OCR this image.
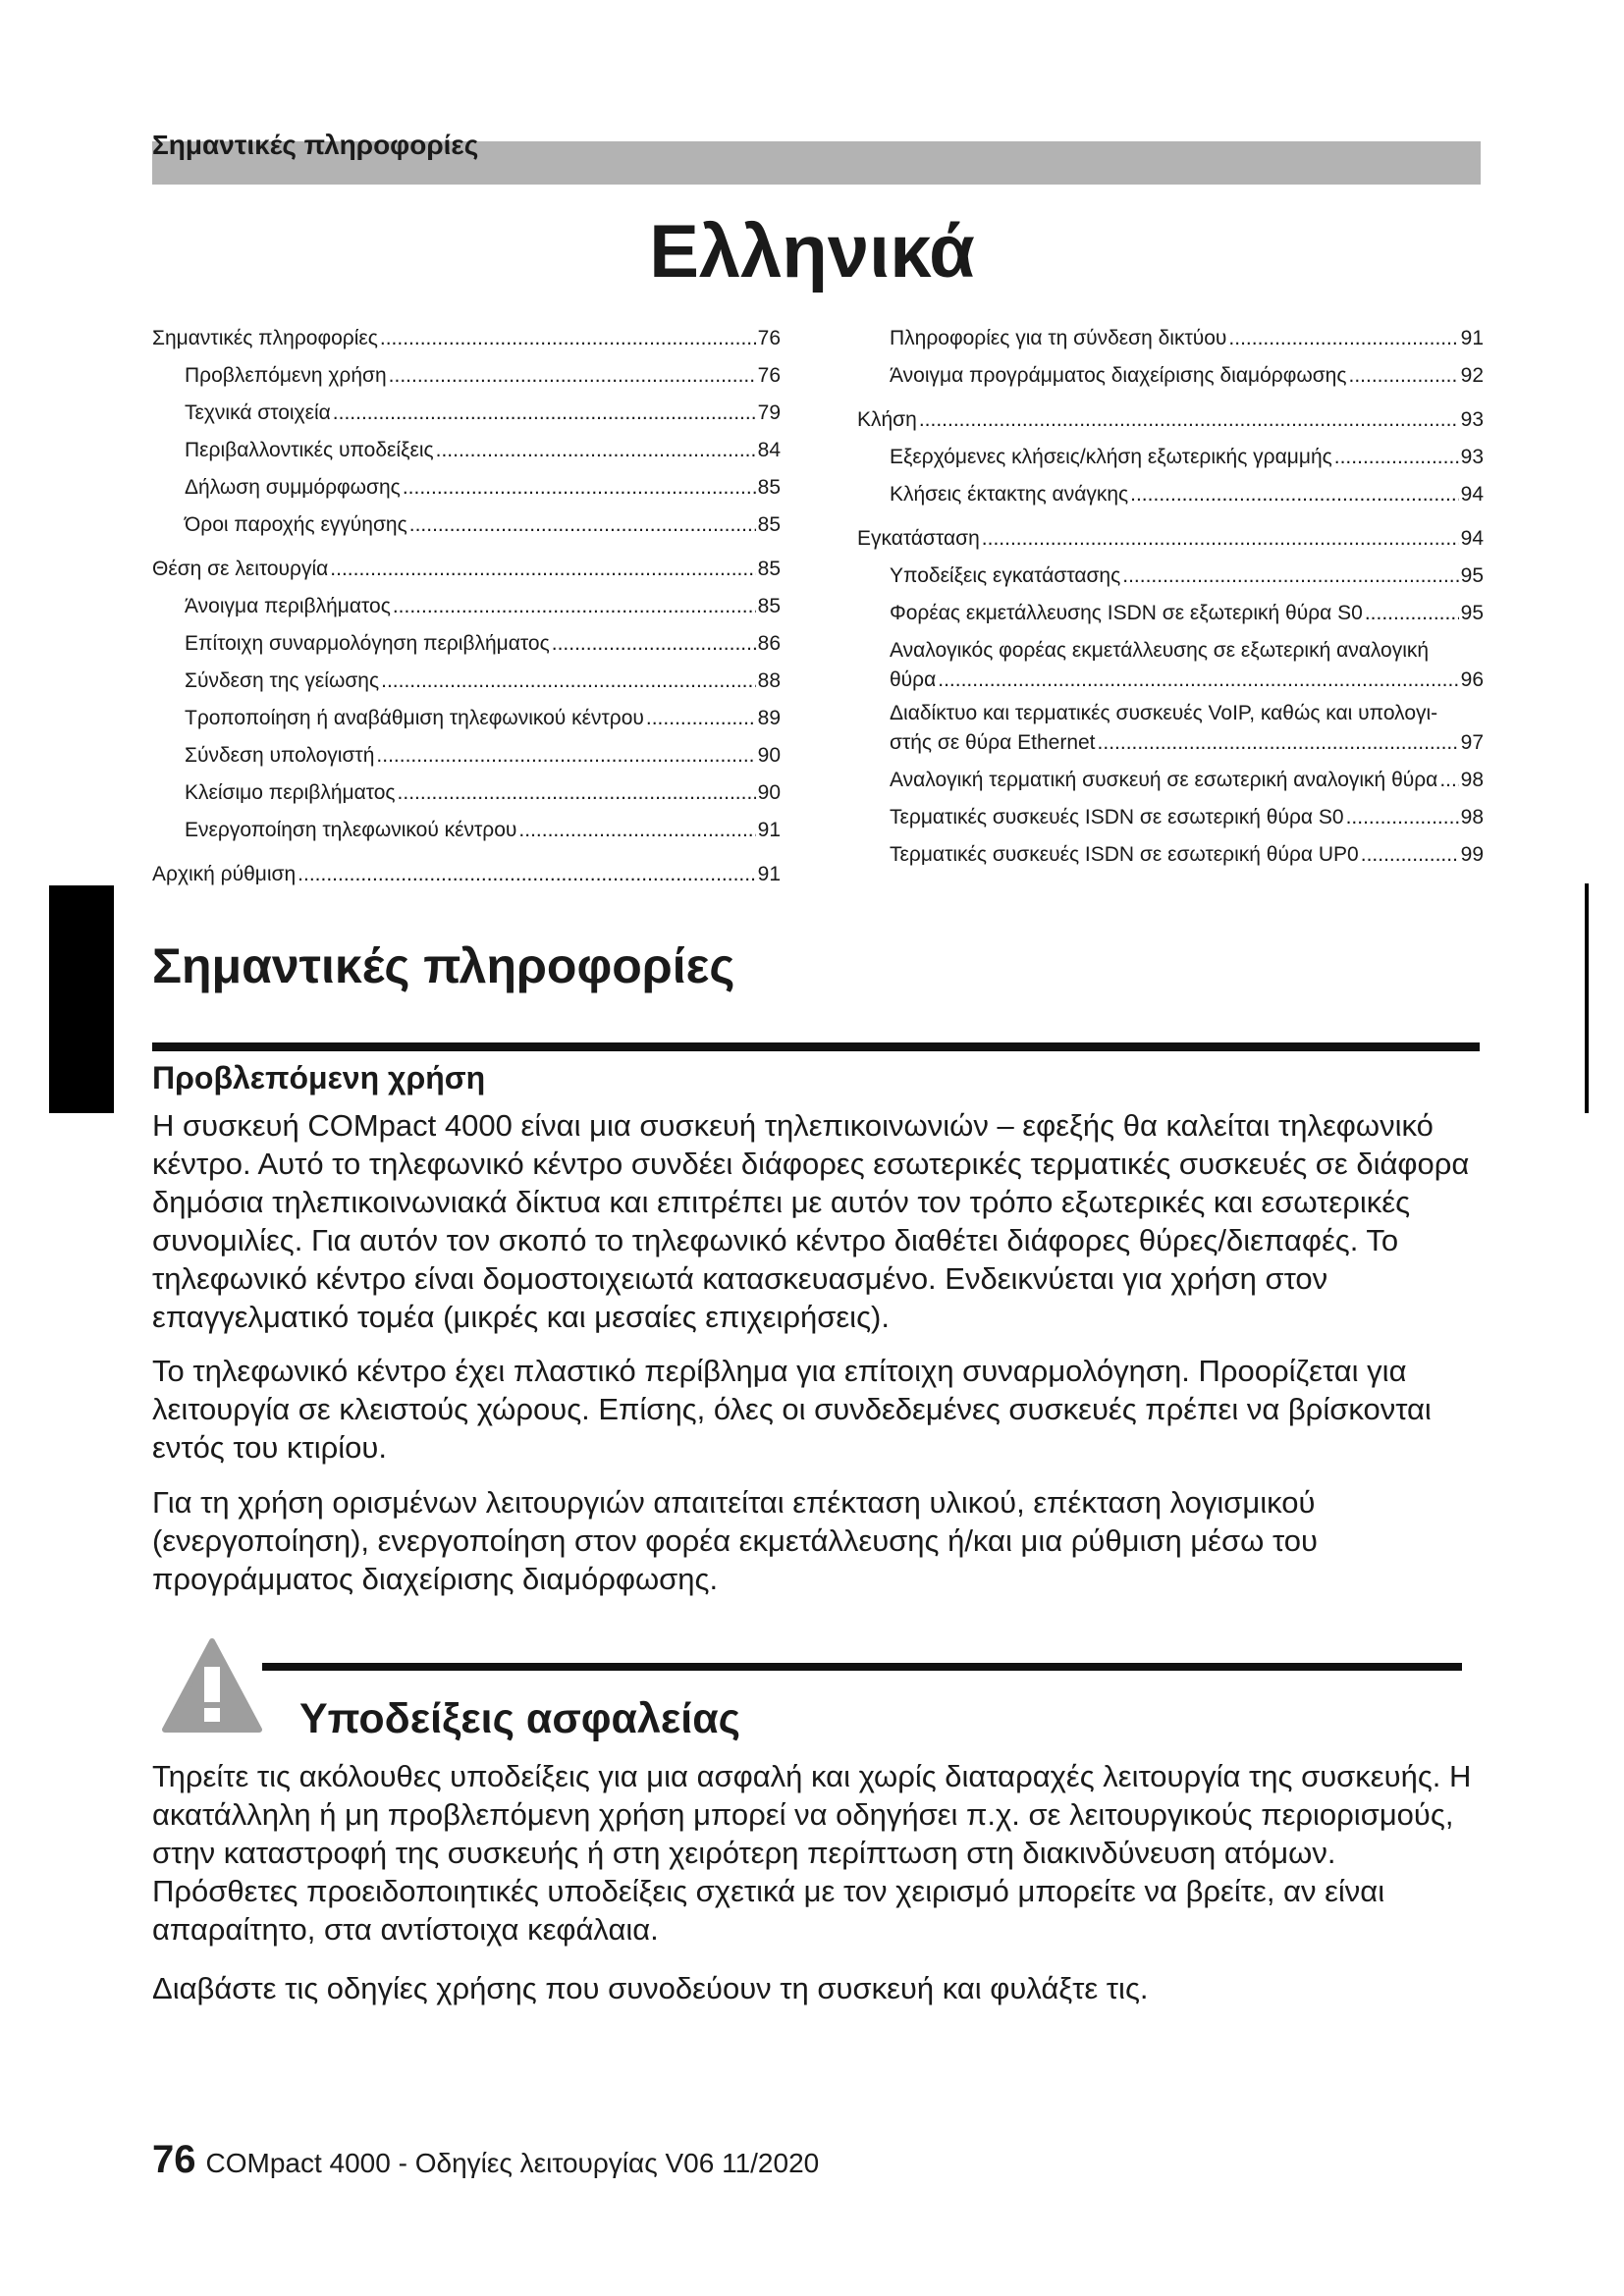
Σημαντικές πληροφορίες
Ελληνικά
Σημαντικές πληροφορίες .....	76
Προβλεπόμενη χρήση .....	76
Τεχνικά στοιχεία .....	79
Περιβαλλοντικές υποδείξεις .....	84
Δήλωση συμμόρφωσης .....	85
Όροι παροχής εγγύησης .....	85
Θέση σε λειτουργία .....	85
Άνοιγμα περιβλήματος .....	85
Επίτοιχη συναρμολόγηση περιβλήματος .....	86
Σύνδεση της γείωσης .....	88
Τροποποίηση ή αναβάθμιση τηλεφωνικού κέντρου .....	89
Σύνδεση υπολογιστή .....	90
Κλείσιμο περιβλήματος .....	90
Ενεργοποίηση τηλεφωνικού κέντρου .....	91
Αρχική ρύθμιση .....	91
Πληροφορίες για τη σύνδεση δικτύου .....	91
Άνοιγμα προγράμματος διαχείρισης διαμόρφωσης .....	92
Κλήση .....	93
Εξερχόμενες κλήσεις/κλήση εξωτερικής γραμμής .....	93
Κλήσεις έκτακτης ανάγκης .....	94
Εγκατάσταση .....	94
Υποδείξεις εγκατάστασης .....	95
Φορέας εκμετάλλευσης ISDN σε εξωτερική θύρα S0 .....	95
Αναλογικός φορέας εκμετάλλευσης σε εξωτερική αναλογική
θύρα .....	96
Διαδίκτυο και τερματικές συσκευές VoIP, καθώς και υπολογι-
στής σε θύρα Ethernet .....	97
Αναλογική τερματική συσκευή σε εσωτερική αναλογική θύρα ..... 98
Τερματικές συσκευές ISDN σε εσωτερική θύρα S0 .....	98
Τερματικές συσκευές ISDN σε εσωτερική θύρα UP0 .....	99
Σημαντικές πληροφορίες
Προβλεπόμενη χρήση

Η συσκευή COMpact 4000 είναι μια συσκευή τηλεπικοινωνιών – εφεξής θα καλείται τηλεφωνικό κέντρο. Αυτό το τηλεφωνικό κέντρο συνδέει διάφορες εσωτερικές τερματικές συσκευές σε διάφορα δημόσια τηλεπικοινωνιακά δίκτυα και επιτρέπει με αυτόν τον τρόπο εξωτερικές και εσωτερικές συνομιλίες. Για αυτόν τον σκοπό το τηλεφωνικό κέντρο διαθέτει διάφορες θύρες/διεπαφές. Το τηλεφωνικό κέντρο είναι δομοστοιχειωτά κατασκευασμένο. Ενδεικνύεται για χρήση στον επαγγελματικό τομέα (μικρές και μεσαίες επιχειρήσεις).

Το τηλεφωνικό κέντρο έχει πλαστικό περίβλημα για επίτοιχη συναρμολόγηση. Προορίζεται για λειτουργία σε κλειστούς χώρους. Επίσης, όλες οι συνδεδεμένες συσκευές πρέπει να βρίσκονται εντός του κτιρίου.

Για τη χρήση ορισμένων λειτουργιών απαιτείται επέκταση υλικού, επέκταση λογισμικού (ενεργοποίηση), ενεργοποίηση στον φορέα εκμετάλλευσης ή/και μια ρύθμιση μέσω του προγράμματος διαχείρισης διαμόρφωσης.

Υποδείξεις ασφαλείας

Τηρείτε τις ακόλουθες υποδείξεις για μια ασφαλή και χωρίς διαταραχές λειτουργία της συσκευής. Η ακατάλληλη ή μη προβλεπόμενη χρήση μπορεί να οδηγήσει π.χ. σε λειτουργικούς περιορισμούς, στην καταστροφή της συσκευής ή στη χειρότερη περίπτωση στη διακινδύνευση ατόμων. Πρόσθετες προειδοποιητικές υποδείξεις σχετικά με τον χειρισμό μπορείτε να βρείτε, αν είναι απαραίτητο, στα αντίστοιχα κεφάλαια.

Διαβάστε τις οδηγίες χρήσης που συνοδεύουν τη συσκευή και φυλάξτε τις.

76 COMpact 4000 - Οδηγίες λειτουργίας V06 11/2020
